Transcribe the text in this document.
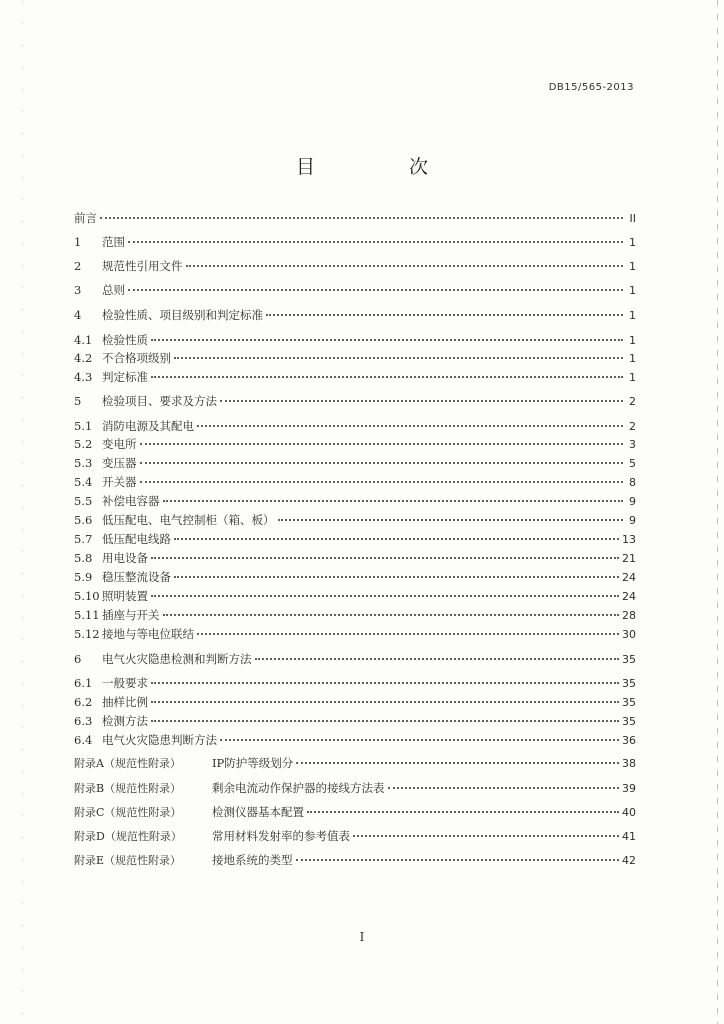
DB15/565-2013
目 次
前言	II
1	范围	1
2	规范性引用文件	1
3	总则	1
4	检验性质、项目级别和判定标准	1
4.1 检验性质	1
4.2 不合格项级别	1
4.3 判定标准	1
5	检验项目、要求及方法	2
5.1 消防电源及其配电	2
5.2 变电所	3
5.3 变压器	5
5.4 开关器	8
5.5 补偿电容器	9
5.6 低压配电、电气控制柜（箱、板）	9
5.7 低压配电线路	13
5.8 用电设备	21
5.9 稳压整流设备	24
5.10 照明装置	24
5.11 插座与开关	28
5.12 接地与等电位联结	30
6	电气火灾隐患检测和判断方法	35
6.1 一般要求	35
6.2 抽样比例	35
6.3 检测方法	35
6.4 电气火灾隐患判断方法	36
附录A（规范性附录）	IP防护等级划分	38
附录B（规范性附录）	剩余电流动作保护器的接线方法表	39
附录C（规范性附录）	检测仪器基本配置	40
附录D（规范性附录）	常用材料发射率的参考值表	41
附录E（规范性附录）	接地系统的类型	42
I
